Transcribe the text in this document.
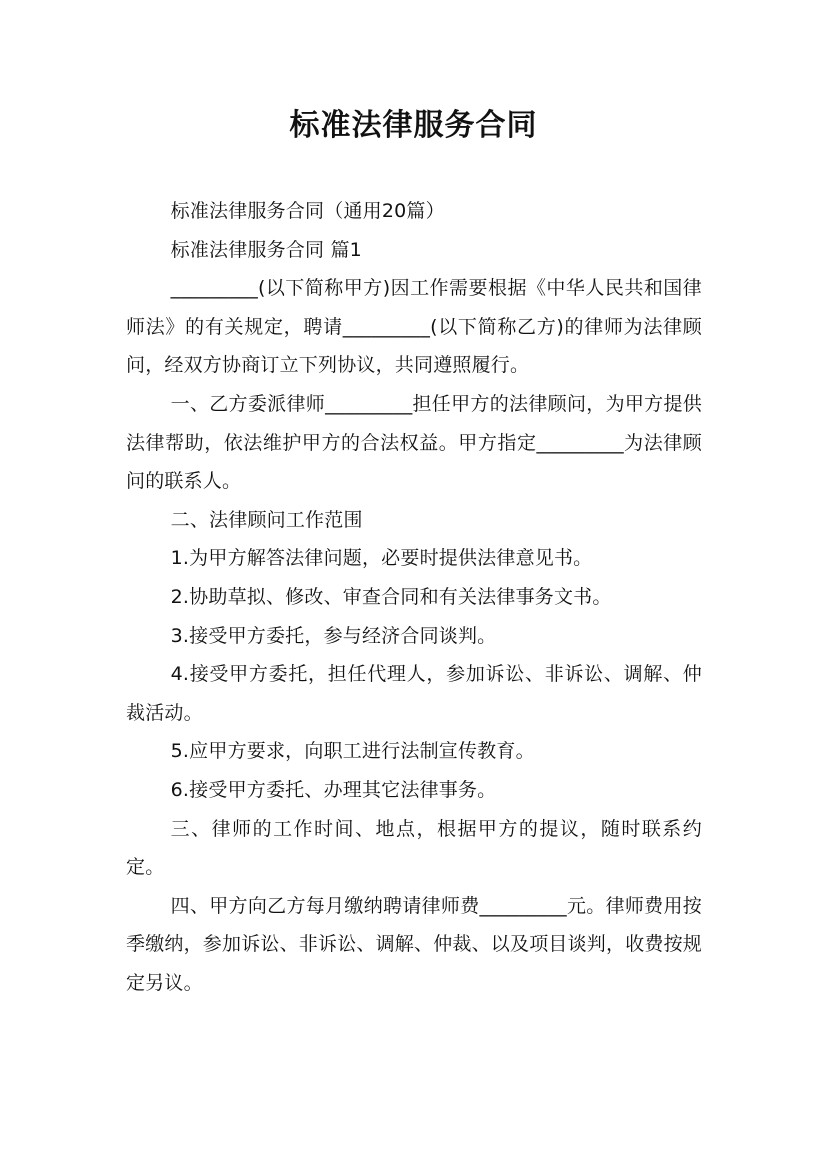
标准法律服务合同

标准法律服务合同（通用20篇）

标准法律服务合同 篇1

_________(以下简称甲方)因工作需要根据《中华人民共和国律师法》的有关规定，聘请_________(以下简称乙方)的律师为法律顾问，经双方协商订立下列协议，共同遵照履行。

一、乙方委派律师_________担任甲方的法律顾问，为甲方提供法律帮助，依法维护甲方的合法权益。甲方指定_________为法律顾问的联系人。

二、法律顾问工作范围

1.为甲方解答法律问题，必要时提供法律意见书。

2.协助草拟、修改、审查合同和有关法律事务文书。

3.接受甲方委托，参与经济合同谈判。

4.接受甲方委托，担任代理人，参加诉讼、非诉讼、调解、仲裁活动。

5.应甲方要求，向职工进行法制宣传教育。

6.接受甲方委托、办理其它法律事务。

三、律师的工作时间、地点，根据甲方的提议，随时联系约定。

四、甲方向乙方每月缴纳聘请律师费_________元。律师费用按季缴纳，参加诉讼、非诉讼、调解、仲裁、以及项目谈判，收费按规定另议。
